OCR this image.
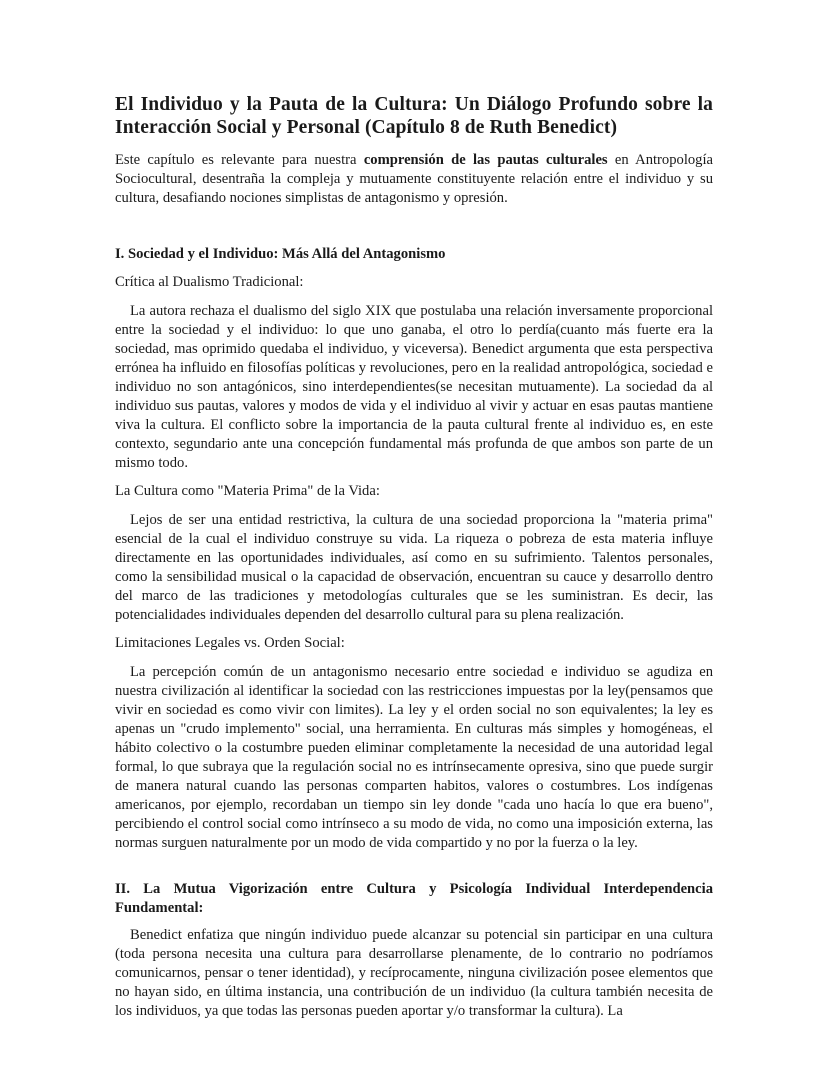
El Individuo y la Pauta de la Cultura: Un Diálogo Profundo sobre la Interacción Social y Personal (Capítulo 8 de Ruth Benedict)

Este capítulo es relevante para nuestra comprensión de las pautas culturales en Antropología Sociocultural, desentraña la compleja y mutuamente constituyente relación entre el individuo y su cultura, desafiando nociones simplistas de antagonismo y opresión.

I. Sociedad y el Individuo: Más Allá del Antagonismo

Crítica al Dualismo Tradicional:

La autora rechaza el dualismo del siglo XIX que postulaba una relación inversamente proporcional entre la sociedad y el individuo: lo que uno ganaba, el otro lo perdía(cuanto más fuerte era la sociedad, mas oprimido quedaba el individuo, y viceversa). Benedict argumenta que esta perspectiva errónea ha influido en filosofías políticas y revoluciones, pero en la realidad antropológica, sociedad e individuo no son antagónicos, sino interdependientes(se necesitan mutuamente). La sociedad da al individuo sus pautas, valores y modos de vida y el individuo al vivir y actuar en esas pautas mantiene viva la cultura. El conflicto sobre la importancia de la pauta cultural frente al individuo es, en este contexto, segundario ante una concepción fundamental más profunda de que ambos son parte de un mismo todo.

La Cultura como "Materia Prima" de la Vida:

Lejos de ser una entidad restrictiva, la cultura de una sociedad proporciona la "materia prima" esencial de la cual el individuo construye su vida. La riqueza o pobreza de esta materia influye directamente en las oportunidades individuales, así como en su sufrimiento. Talentos personales, como la sensibilidad musical o la capacidad de observación, encuentran su cauce y desarrollo dentro del marco de las tradiciones y metodologías culturales que se les suministran. Es decir, las potencialidades individuales dependen del desarrollo cultural para su plena realización.

Limitaciones Legales vs. Orden Social:

La percepción común de un antagonismo necesario entre sociedad e individuo se agudiza en nuestra civilización al identificar la sociedad con las restricciones impuestas por la ley(pensamos que vivir en sociedad es como vivir con limites). La ley y el orden social no son equivalentes; la ley es apenas un "crudo implemento" social, una herramienta. En culturas más simples y homogéneas, el hábito colectivo o la costumbre pueden eliminar completamente la necesidad de una autoridad legal formal, lo que subraya que la regulación social no es intrínsecamente opresiva, sino que puede surgir de manera natural cuando las personas comparten habitos, valores o costumbres. Los indígenas americanos, por ejemplo, recordaban un tiempo sin ley donde "cada uno hacía lo que era bueno", percibiendo el control social como intrínseco a su modo de vida, no como una imposición externa, las normas surguen naturalmente por un modo de vida compartido y no por la fuerza o la ley.

II. La Mutua Vigorización entre Cultura y Psicología Individual Interdependencia Fundamental:

Benedict enfatiza que ningún individuo puede alcanzar su potencial sin participar en una cultura (toda persona necesita una cultura para desarrollarse plenamente, de lo contrario no podríamos comunicarnos, pensar o tener identidad), y recíprocamente, ninguna civilización posee elementos que no hayan sido, en última instancia, una contribución de un individuo (la cultura también necesita de los individuos, ya que todas las personas pueden aportar y/o transformar la cultura). La
